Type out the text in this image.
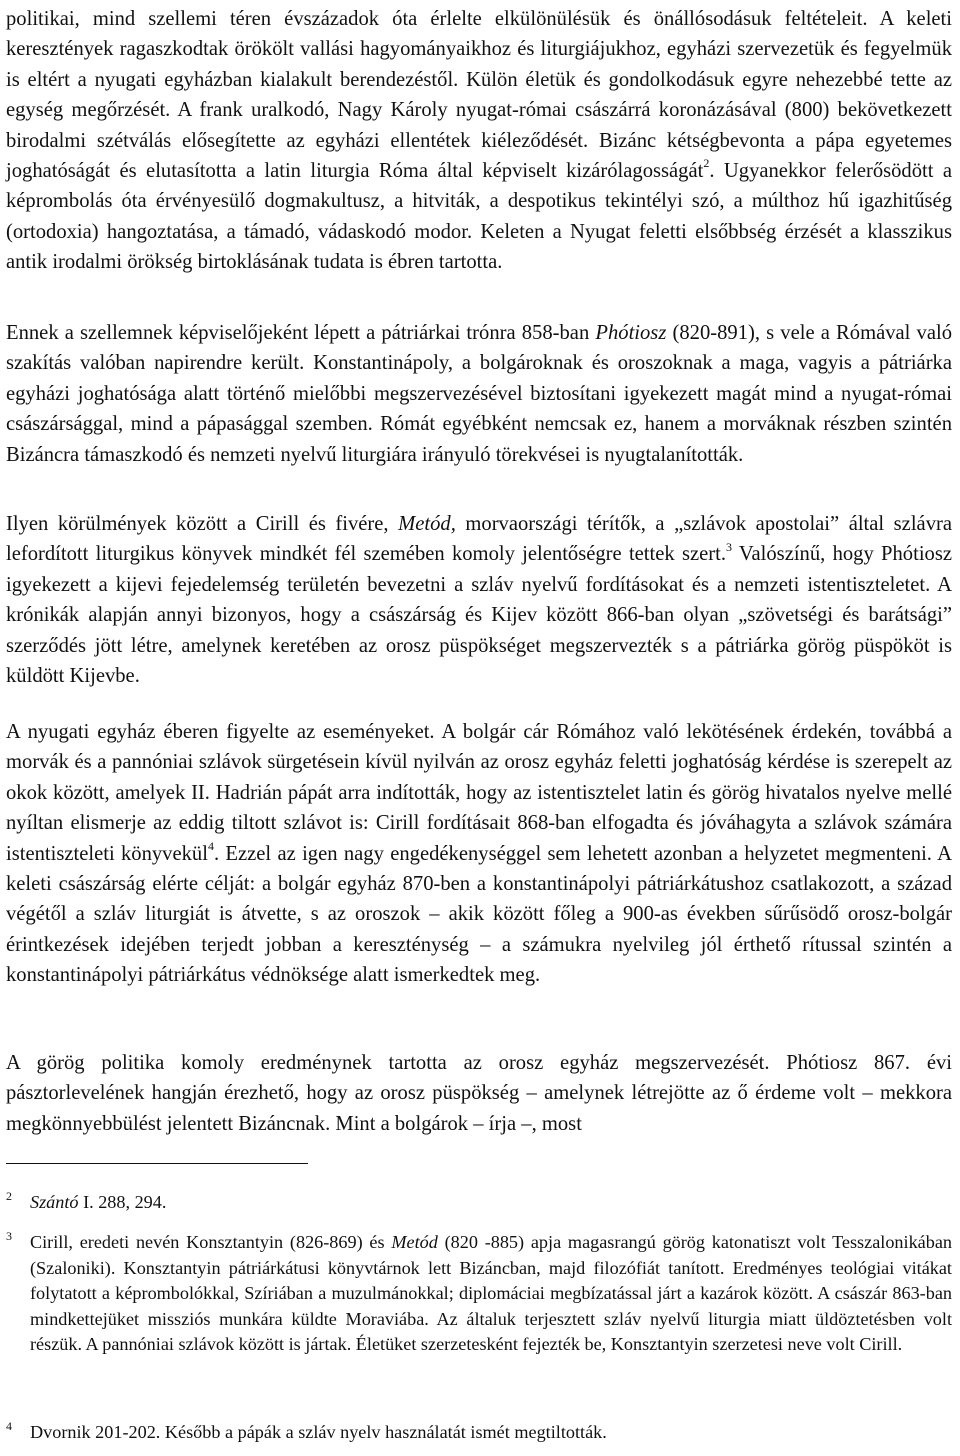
politikai, mind szellemi téren évszázadok óta érlelte elkülönülésük és önállósodásuk feltételeit. A keleti keresztények ragaszkodtak örökölt vallási hagyományaikhoz és liturgiájukhoz, egyházi szervezetük és fegyelmük is eltért a nyugati egyházban kialakult berendezéstől. Külön életük és gondolkodásuk egyre nehezebbé tette az egység megőrzését. A frank uralkodó, Nagy Károly nyugat-római császárrá koronázásával (800) bekövetkezett birodalmi szétválás elősegítette az egyházi ellentétek kiéleződését. Bizánc kétségbevonta a pápa egyetemes joghatóságát és elutasította a latin liturgia Róma által képviselt kizárólagosságát$^2$. Ugyanekkor felerősödött a képrombolás óta érvényesülő dogmakultusz, a hitviták, a despotikus tekintélyi szó, a múlthoz hű igazhitűség (ortodoxia) hangoztatása, a támadó, vádaskodó modor. Keleten a Nyugat feletti elsőbbség érzését a klasszikus antik irodalmi örökség birtoklásának tudata is ébren tartotta.

Ennek a szellemnek képviselőjeként lépett a pátriárkai trónra 858-ban Phótiosz (820-891), s vele a Rómával való szakítás valóban napirendre került. Konstantinápoly, a bolgároknak és oroszoknak a maga, vagyis a pátriárka egyházi joghatósága alatt történő mielőbbi megszervezésével biztosítani igyekezett magát mind a nyugat-római császársággal, mind a pápasággal szemben. Rómát egyébként nemcsak ez, hanem a morváknak részben szintén Bizáncra támaszkodó és nemzeti nyelvű liturgiára irányuló törekvései is nyugtalanították.

Ilyen körülmények között a Cirill és fivére, Metód, morvaországi térítők, a „szlávok apostolai” által szlávra lefordított liturgikus könyvek mindkét fél szemében komoly jelentőségre tettek szert.$^3$ Valószínű, hogy Phótiosz igyekezett a kijevi fejedelemség területén bevezetni a szláv nyelvű fordításokat és a nemzeti istentiszteletet. A krónikák alapján annyi bizonyos, hogy a császárság és Kijev között 866-ban olyan „szövetségi és barátsági” szerződés jött létre, amelynek keretében az orosz püspökséget megszervezték s a pátriárka görög püspököt is küldött Kijevbe.

A nyugati egyház éberen figyelte az eseményeket. A bolgár cár Rómához való lekötésének érdekén, továbbá a morvák és a pannóniai szlávok sürgetésein kívül nyilván az orosz egyház feletti joghatóság kérdése is szerepelt az okok között, amelyek II. Hadrián pápát arra indították, hogy az istentisztelet latin és görög hivatalos nyelve mellé nyíltan elismerje az eddig tiltott szlávot is: Cirill fordításait 868-ban elfogadta és jóváhagyta a szlávok számára istentiszteleti könyvekül$^4$. Ezzel az igen nagy engedékenységgel sem lehetett azonban a helyzetet megmenteni. A keleti császárság elérte célját: a bolgár egyház 870-ben a konstantinápolyi pátriárkátushoz csatlakozott, a század végétől a szláv liturgiát is átvette, s az oroszok – akik között főleg a 900-as években sűrűsödő orosz-bolgár érintkezések idejében terjedt jobban a kereszténység – a számukra nyelvileg jól érthető rítussal szintén a konstantinápolyi pátriárkátus védnöksége alatt ismerkedtek meg.

A görög politika komoly eredménynek tartotta az orosz egyház megszervezését. Phótiosz 867. évi pásztorlevelének hangján érezhető, hogy az orosz püspökség – amelynek létrejötte az ő érdeme volt – mekkora megkönnyebbülést jelentett Bizáncnak. Mint a bolgárok – írja –, most

2 Szántó I. 288, 294.
3 Cirill, eredeti nevén Konsztantyin (826-869) és Metód (820 -885) apja magasrangú görög katonatiszt volt Tesszalonikában (Szaloniki). Konsztantyin pátriárkátusi könyvtárnok lett Bizáncban, majd filozófiát tanított. Eredményes teológiai vitákat folytatott a képrombolókkal, Szíriában a muzulmánokkal; diplomáciai megbízatással járt a kazárok között. A császár 863-ban mindkettejüket missziós munkára küldte Moraviába. Az általuk terjesztett szláv nyelvű liturgia miatt üldöztetésben volt részük. A pannóniai szlávok között is jártak. Életüket szerzetesként fejezték be, Konsztantyin szerzetesi neve volt Cirill.
4 Dvornik 201-202. Később a pápák a szláv nyelv használatát ismét megtiltották.
